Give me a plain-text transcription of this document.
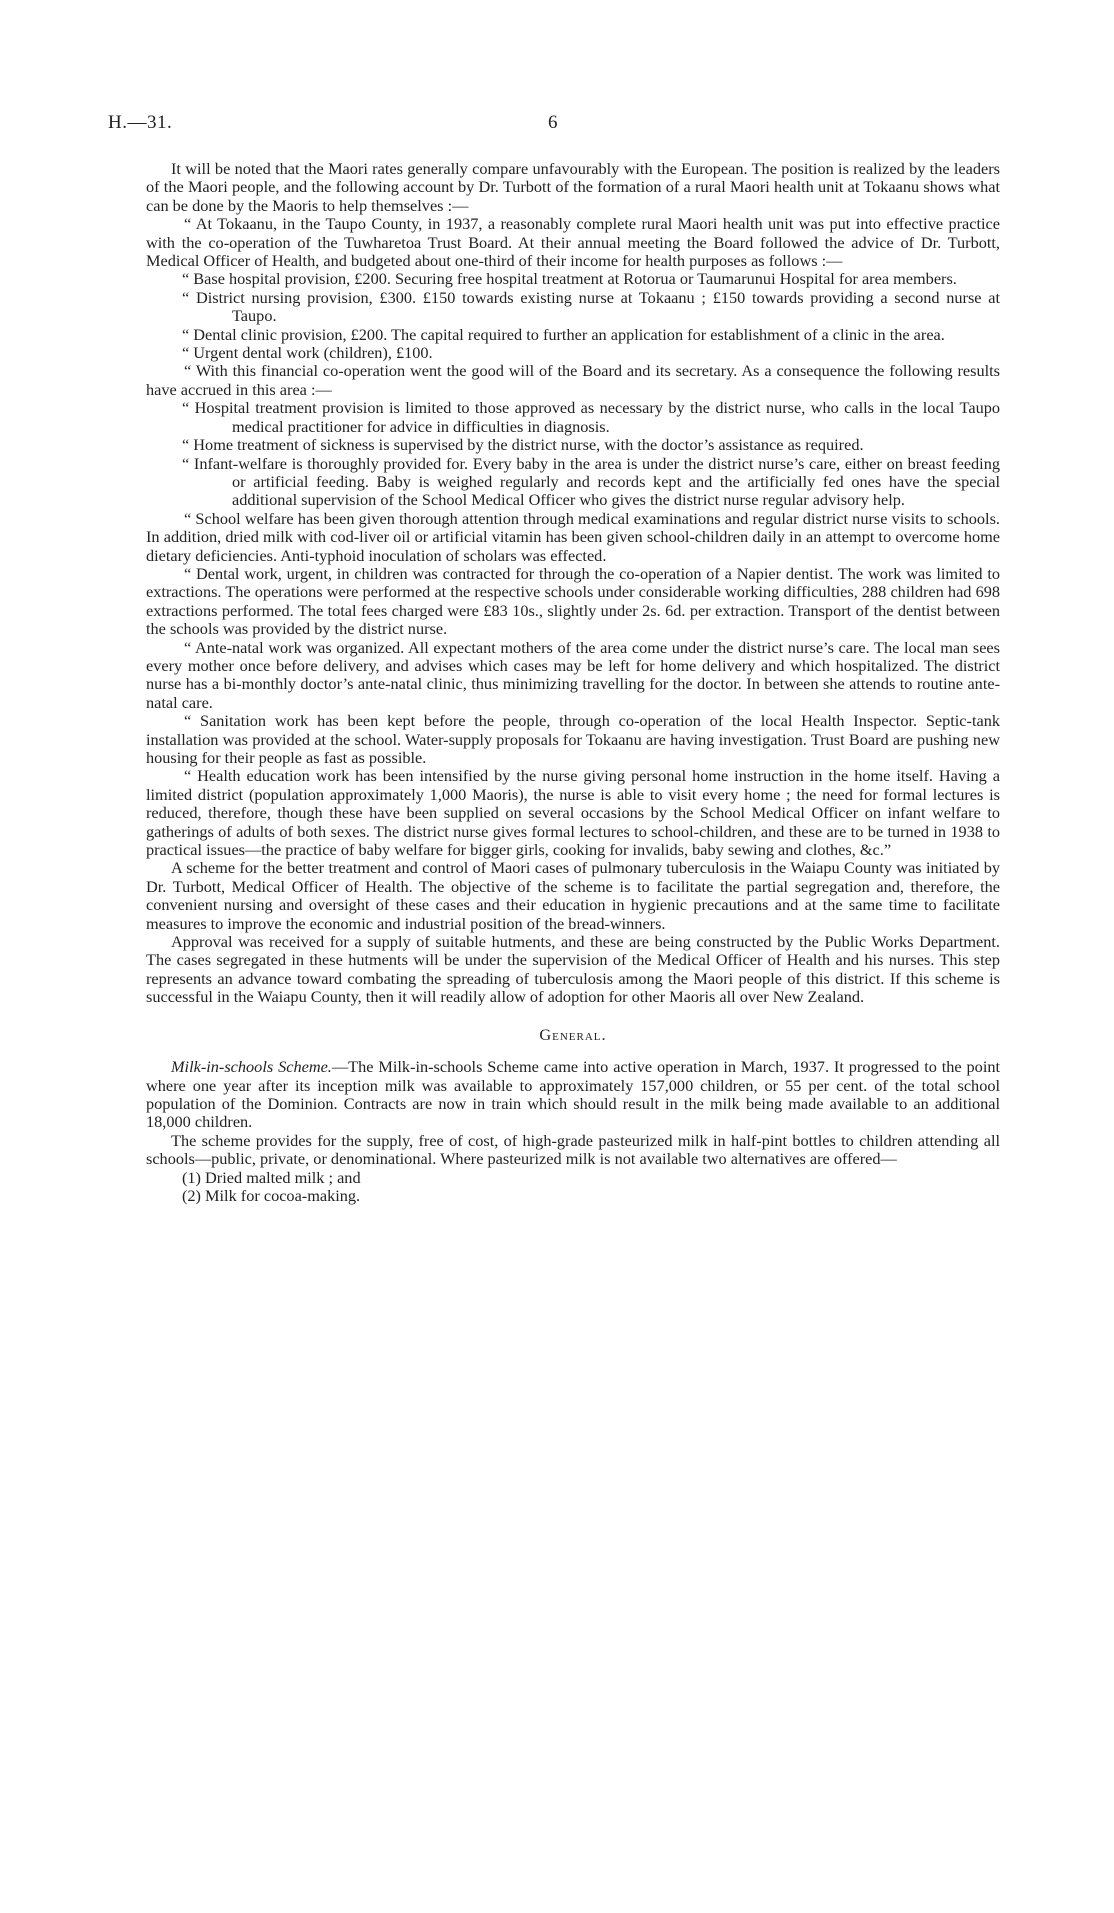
H.—31.	6

It will be noted that the Maori rates generally compare unfavourably with the European. The position is realized by the leaders of the Maori people, and the following account by Dr. Turbott of the formation of a rural Maori health unit at Tokaanu shows what can be done by the Maoris to help themselves :—

“ At Tokaanu, in the Taupo County, in 1937, a reasonably complete rural Maori health unit was put into effective practice with the co-operation of the Tuwharetoa Trust Board. At their annual meeting the Board followed the advice of Dr. Turbott, Medical Officer of Health, and budgeted about one-third of their income for health purposes as follows :—

“ Base hospital provision, £200. Securing free hospital treatment at Rotorua or Taumarunui Hospital for area members.

“ District nursing provision, £300. £150 towards existing nurse at Tokaanu ; £150 towards providing a second nurse at Taupo.

“ Dental clinic provision, £200. The capital required to further an application for establishment of a clinic in the area.

“ Urgent dental work (children), £100.

“ With this financial co-operation went the good will of the Board and its secretary. As a consequence the following results have accrued in this area :—

“ Hospital treatment provision is limited to those approved as necessary by the district nurse, who calls in the local Taupo medical practitioner for advice in difficulties in diagnosis.

“ Home treatment of sickness is supervised by the district nurse, with the doctor’s assistance as required.

“ Infant-welfare is thoroughly provided for. Every baby in the area is under the district nurse’s care, either on breast feeding or artificial feeding. Baby is weighed regularly and records kept and the artificially fed ones have the special additional supervision of the School Medical Officer who gives the district nurse regular advisory help.

“ School welfare has been given thorough attention through medical examinations and regular district nurse visits to schools. In addition, dried milk with cod-liver oil or artificial vitamin has been given school-children daily in an attempt to overcome home dietary deficiencies. Anti-typhoid inoculation of scholars was effected.

“ Dental work, urgent, in children was contracted for through the co-operation of a Napier dentist. The work was limited to extractions. The operations were performed at the respective schools under considerable working difficulties, 288 children had 698 extractions performed. The total fees charged were £83 10s., slightly under 2s. 6d. per extraction. Transport of the dentist between the schools was provided by the district nurse.

“ Ante-natal work was organized. All expectant mothers of the area come under the district nurse’s care. The local man sees every mother once before delivery, and advises which cases may be left for home delivery and which hospitalized. The district nurse has a bi-monthly doctor’s ante-natal clinic, thus minimizing travelling for the doctor. In between she attends to routine ante-natal care.

“ Sanitation work has been kept before the people, through co-operation of the local Health Inspector. Septic-tank installation was provided at the school. Water-supply proposals for Tokaanu are having investigation. Trust Board are pushing new housing for their people as fast as possible.

“ Health education work has been intensified by the nurse giving personal home instruction in the home itself. Having a limited district (population approximately 1,000 Maoris), the nurse is able to visit every home ; the need for formal lectures is reduced, therefore, though these have been supplied on several occasions by the School Medical Officer on infant welfare to gatherings of adults of both sexes. The district nurse gives formal lectures to school-children, and these are to be turned in 1938 to practical issues—the practice of baby welfare for bigger girls, cooking for invalids, baby sewing and clothes, &c.”

A scheme for the better treatment and control of Maori cases of pulmonary tuberculosis in the Waiapu County was initiated by Dr. Turbott, Medical Officer of Health. The objective of the scheme is to facilitate the partial segregation and, therefore, the convenient nursing and oversight of these cases and their education in hygienic precautions and at the same time to facilitate measures to improve the economic and industrial position of the bread-winners.

Approval was received for a supply of suitable hutments, and these are being constructed by the Public Works Department. The cases segregated in these hutments will be under the supervision of the Medical Officer of Health and his nurses. This step represents an advance toward combating the spreading of tuberculosis among the Maori people of this district. If this scheme is successful in the Waiapu County, then it will readily allow of adoption for other Maoris all over New Zealand.

General.

Milk-in-schools Scheme.—The Milk-in-schools Scheme came into active operation in March, 1937. It progressed to the point where one year after its inception milk was available to approximately 157,000 children, or 55 per cent. of the total school population of the Dominion. Contracts are now in train which should result in the milk being made available to an additional 18,000 children.

The scheme provides for the supply, free of cost, of high-grade pasteurized milk in half-pint bottles to children attending all schools—public, private, or denominational. Where pasteurized milk is not available two alternatives are offered—

(1) Dried malted milk ; and

(2) Milk for cocoa-making.
